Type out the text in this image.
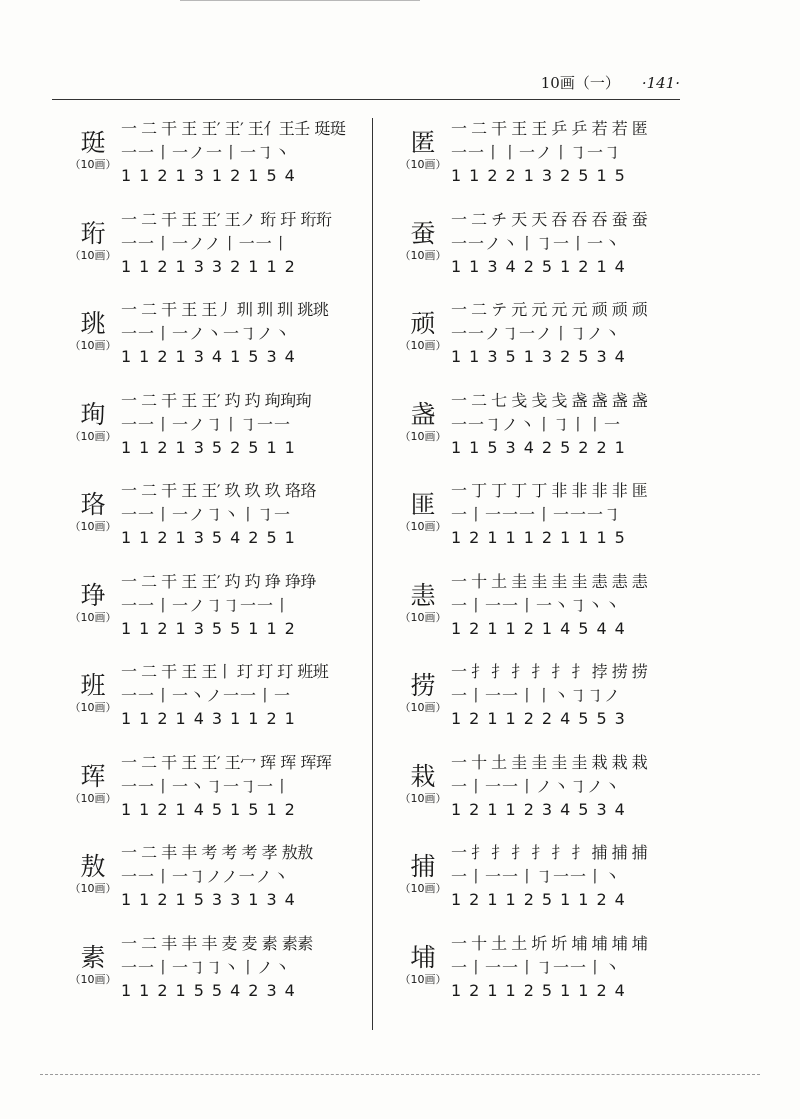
10画（一） ·141·
珽
（10画）
一 二 干 王 王′ 王′ 王亻王壬 珽珽
一一丨一ノ一丨一㇆丶
1121312154
珩
（10画）
一 二 干 王 王′ 王ノ 珩 玗 珩珩
一一丨一ノノ丨一一丨
1121332112
珧
（10画）
一 二 干 王 王丿 玔 玔 玔 珧珧
一一丨一ノ丶一㇆ノ丶
1121341534
珣
（10画）
一 二 干 王 王′ 玓 玓 珣珣珣
一一丨一ノ㇆丨㇆一一
1121352511
珞
（10画）
一 二 干 王 王′ 玖 玖 玖 珞珞
一一丨一ノ㇆丶丨㇆一
1121354251
琤
（10画）
一 二 干 王 王′ 玓 玓 琤 琤琤
一一丨一ノ㇆㇆一一丨
1121355112
班
（10画）
一 二 干 王 王丨 玎 玎 玎 班班
一一丨一丶ノ一一丨一
1121431121
珲
（10画）
一 二 干 王 王′ 王冖 珲 珲 珲珲
一一丨一丶㇆一㇆一丨
1121451512
敖
（10画）
一 二 丰 丰 考 考 考 孝 敖敖
一一丨一㇆ノノ一ノ丶
1121533134
素
（10画）
一 二 丰 丰 丰 麦 麦 素 素素
一一丨一㇆㇆丶丨ノ丶
1121554234
匿
（10画）
一 二 干 王 王 乒 乒 若 若 匿
一一丨丨一ノ丨㇆一㇆
1122132515
蚕
（10画）
一 二 チ 天 天 吞 吞 吞 蚕 蚕
一一ノ丶丨㇆一丨一丶
1134251214
顽
（10画）
一 二 テ 元 元 元 元 顽 顽 顽
一一ノ㇆一ノ丨㇆ノ丶
1135132534
盏
（10画）
一 二 七 戋 戋 戋 盏 盏 盏 盏
一一㇆ノ丶丨㇆丨丨一
1153425221
匪
（10画）
一 丁 丁 丁 丁 非 非 非 非 匪
一丨一一一丨一一一㇆
1211121115
恚
（10画）
一 十 土 圭 圭 圭 圭 恚 恚 恚
一丨一一丨一丶㇆丶丶
1211214544
捞
（10画）
一 扌 扌 扌 扌 扌 扌 挬 捞 捞
一丨一一丨丨丶㇆㇆ノ
1211224553
栽
（10画）
一 十 土 圭 圭 圭 圭 栽 栽 栽
一丨一一丨ノ丶㇆ノ丶
1211234534
捕
（10画）
一 扌 扌 扌 扌 扌 扌 捕 捕 捕
一丨一一丨㇆一一丨丶
1211251124
埔
（10画）
一 十 土 土 圻 圻 埔 埔 埔 埔
一丨一一丨㇆一一丨丶
1211251124
